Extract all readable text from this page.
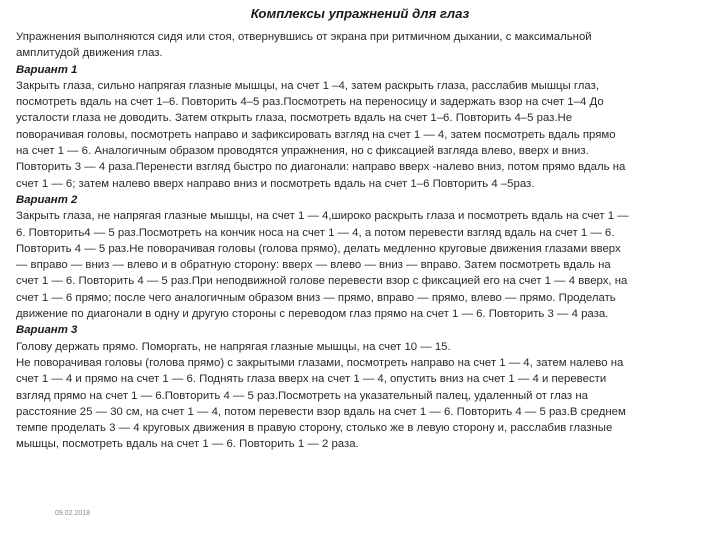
Комплексы упражнений для глаз
Упражнения выполняются сидя или стоя, отвернувшись от экрана при ритмичном дыхании, с максимальной
амплитудой движения глаз.
Вариант 1
Закрыть глаза, сильно напрягая глазные мышцы, на счет 1 –4, затем раскрыть глаза, расслабив мышцы глаз,
посмотреть вдаль на счет 1–6. Повторить 4–5 раз.Посмотреть на переносицу и задержать взор на счет 1–4 До
усталости глаза не доводить. Затем открыть глаза, посмотреть вдаль на счет 1–6. Повторить 4–5 раз.Не
поворачивая головы, посмотреть направо и зафиксировать взгляд на счет 1 — 4, затем посмотреть вдаль прямо
на счет 1 — 6. Аналогичным образом проводятся упражнения, но с фиксацией взгляда влево, вверх и вниз.
Повторить 3 — 4 раза.Перенести взгляд быстро по диагонали: направо вверх -налево вниз, потом прямо вдаль на
счет 1 — 6; затем налево вверх направо вниз и посмотреть вдаль на счет 1–6 Повторить 4 –5раз.
Вариант 2
Закрыть глаза, не напрягая глазные мышцы, на счет 1 — 4,широко раскрыть глаза и посмотреть вдаль на счет 1 —
6. Повторить4 — 5 раз.Посмотреть на кончик носа на счет 1 — 4, а потом перевести взгляд вдаль на счет 1 — 6.
Повторить 4 — 5 раз.Не поворачивая головы (голова прямо), делать медленно круговые движения глазами вверх
— вправо — вниз — влево и в обратную сторону: вверх — влево — вниз — вправо. Затем посмотреть вдаль на
счет 1 — 6. Повторить 4 — 5 раз.При неподвижной голове перевести взор с фиксацией его на счет 1 — 4 вверх, на
счет 1 — 6 прямо; после чего аналогичным образом вниз — прямо, вправо — прямо, влево — прямо. Проделать
движение по диагонали в одну и другую стороны с переводом глаз прямо на счет 1 — 6. Повторить 3 — 4 раза.
Вариант 3
Голову держать прямо. Поморгать, не напрягая глазные мышцы, на счет 10 — 15.
Не поворачивая головы (голова прямо) с закрытыми глазами, посмотреть направо на счет 1 — 4, затем налево на
счет 1 — 4 и прямо на счет 1 — 6. Поднять глаза вверх на счет 1 — 4, опустить вниз на счет 1 — 4 и перевести
взгляд прямо на счет 1 — 6.Повторить 4 — 5 раз.Посмотреть на указательный палец, удаленный от глаз на
расстояние 25 — 30 см, на счет 1 — 4, потом перевести взор вдаль на счет 1 — 6. Повторить 4 — 5 раз.В среднем
темпе проделать 3 — 4 круговых движения в правую сторону, столько же в левую сторону и, расслабив глазные
мышцы, посмотреть вдаль на счет 1 — 6. Повторить 1 — 2 раза.
09.02.2018
